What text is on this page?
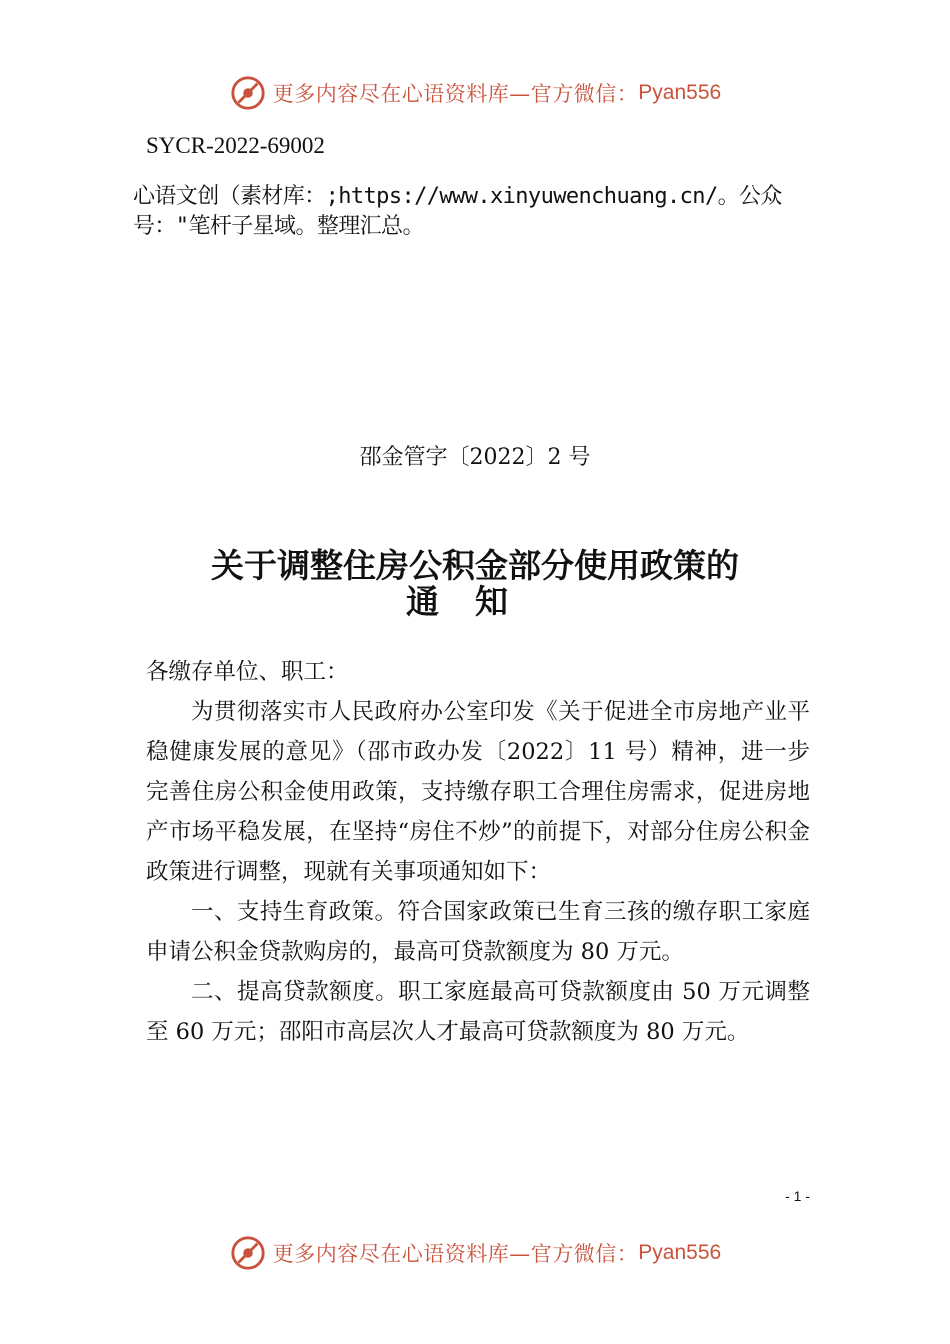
更多内容尽在心语资料库—官方微信： Pyan556
SYCR-2022-69002
心语文创（素材库：;https://www.xinyuwenchuang.cn/。公众号："笔杆子星域。整理汇总。
邵金管字〔2022〕2 号
关于调整住房公积金部分使用政策的
通知

各缴存单位、职工：

为贯彻落实市人民政府办公室印发《关于促进全市房地产业平稳健康发展的意见》（邵市政办发〔2022〕11 号）精神，进一步完善住房公积金使用政策，支持缴存职工合理住房需求，促进房地产市场平稳发展，在坚持“房住不炒”的前提下，对部分住房公积金政策进行调整，现就有关事项通知如下：

一、支持生育政策。符合国家政策已生育三孩的缴存职工家庭申请公积金贷款购房的，最高可贷款额度为 80 万元。

二、提高贷款额度。职工家庭最高可贷款额度由 50 万元调整至 60 万元；邵阳市高层次人才最高可贷款额度为 80 万元。

- 1 -
更多内容尽在心语资料库—官方微信： Pyan556
